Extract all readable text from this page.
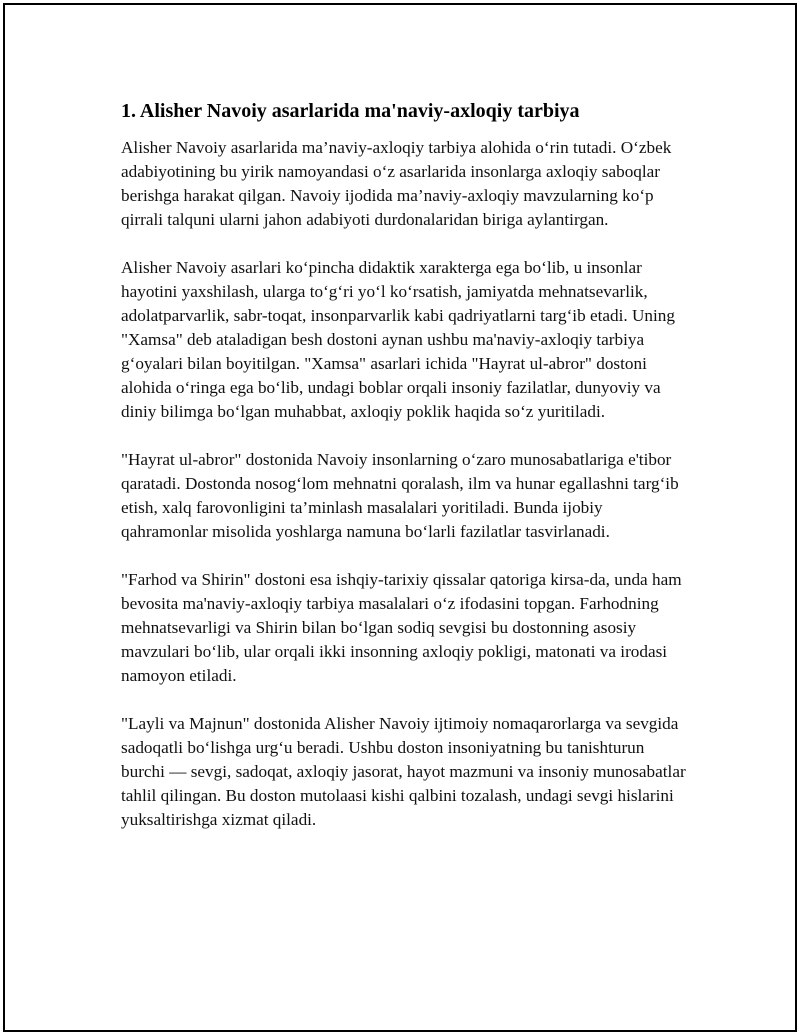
1. Alisher Navoiy asarlarida ma'naviy-axloqiy tarbiya

Alisher Navoiy asarlarida ma’naviy-axloqiy tarbiya alohida o‘rin tutadi. O‘zbek adabiyotining bu yirik namoyandasi o‘z asarlarida insonlarga axloqiy saboqlar berishga harakat qilgan. Navoiy ijodida ma’naviy-axloqiy mavzularning ko‘p qirrali talquni ularni jahon adabiyoti durdonalaridan biriga aylantirgan.

Alisher Navoiy asarlari ko‘pincha didaktik xarakterga ega bo‘lib, u insonlar hayotini yaxshilash, ularga to‘g‘ri yo‘l ko‘rsatish, jamiyatda mehnatsevarlik, adolatparvarlik, sabr-toqat, insonparvarlik kabi qadriyatlarni targ‘ib etadi. Uning "Xamsa" deb ataladigan besh dostoni aynan ushbu ma'naviy-axloqiy tarbiya g‘oyalari bilan boyitilgan. "Xamsa" asarlari ichida "Hayrat ul-abror" dostoni alohida o‘ringa ega bo‘lib, undagi boblar orqali insoniy fazilatlar, dunyoviy va diniy bilimga bo‘lgan muhabbat, axloqiy poklik haqida so‘z yuritiladi.

"Hayrat ul-abror" dostonida Navoiy insonlarning o‘zaro munosabatlariga e'tibor qaratadi. Dostonda nosog‘lom mehnatni qoralash, ilm va hunar egallashni targ‘ib etish, xalq farovonligini ta’minlash masalalari yoritiladi. Bunda ijobiy qahramonlar misolida yoshlarga namuna bo‘larli fazilatlar tasvirlanadi.

"Farhod va Shirin" dostoni esa ishqiy-tarixiy qissalar qatoriga kirsa-da, unda ham bevosita ma'naviy-axloqiy tarbiya masalalari o‘z ifodasini topgan. Farhodning mehnatsevarligi va Shirin bilan bo‘lgan sodiq sevgisi bu dostonning asosiy mavzulari bo‘lib, ular orqali ikki insonning axloqiy pokligi, matonati va irodasi namoyon etiladi.

"Layli va Majnun" dostonida Alisher Navoiy ijtimoiy nomaqarorlarga va sevgida sadoqatli bo‘lishga urg‘u beradi. Ushbu doston insoniyatning bu tanishturun burchi — sevgi, sadoqat, axloqiy jasorat, hayot mazmuni va insoniy munosabatlar tahlil qilingan. Bu doston mutolaasi kishi qalbini tozalash, undagi sevgi hislarini yuksaltirishga xizmat qiladi.
